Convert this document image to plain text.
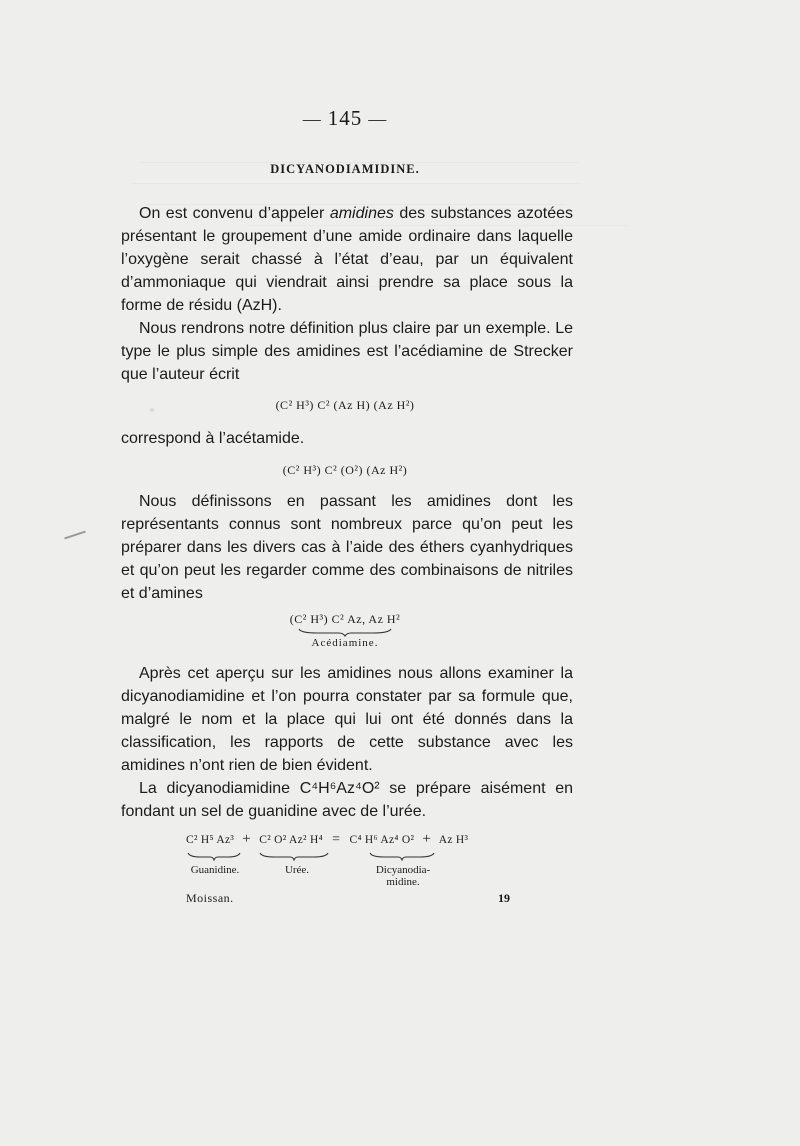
— 145 —
DICYANODIAMIDINE.

On est convenu d’appeler amidines des substances azotées présentant le groupement d’une amide ordinaire dans laquelle l’oxygène serait chassé à l’état d’eau, par un équivalent d’ammoniaque qui viendrait ainsi prendre sa place sous la forme de résidu (AzH).

Nous rendrons notre définition plus claire par un exemple. Le type le plus simple des amidines est l’acédiamine de Strecker que l’auteur écrit

(C² H³) C² (Az H) (Az H²)

correspond à l’acétamide.

(C² H³) C² (O²) (Az H²)

Nous définissons en passant les amidines dont les représentants connus sont nombreux parce qu’on peut les préparer dans les divers cas à l’aide des éthers cyanhydriques et qu’on peut les regarder comme des combinaisons de nitriles et d’amines

(C² H³) C² Az, Az H²
Acédiamine.

Après cet aperçu sur les amidines nous allons examiner la dicyanodiamidine et l’on pourra constater par sa formule que, malgré le nom et la place qui lui ont été donnés dans la classification, les rapports de cette substance avec les amidines n’ont rien de bien évident.

La dicyanodiamidine C⁴H⁶Az⁴O² se prépare aisément en fondant un sel de guanidine avec de l’urée.

C² H⁵ Az³ + C² O² Az² H⁴ = C⁴ H⁶ Az⁴ O² + Az H³
Guanidine.	Urée.	Dicyanodia-
midine.
Moissan.	19
